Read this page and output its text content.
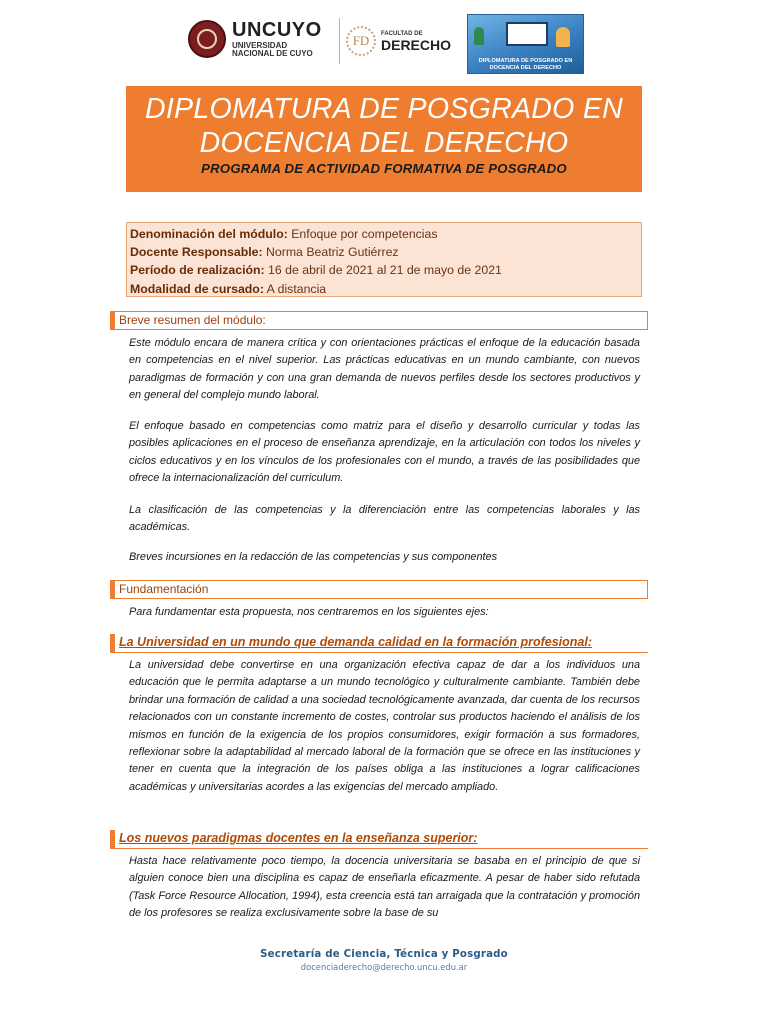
UNCUYO
UNIVERSIDAD
NACIONAL DE CUYO
FD	FACULTAD DE
DERECHO
DIPLOMATURA DE POSGRADO EN
DOCENCIA DEL DERECHO
DIPLOMATURA DE POSGRADO EN
DOCENCIA DEL DERECHO
PROGRAMA DE ACTIVIDAD FORMATIVA DE POSGRADO
Denominación del módulo: Enfoque por competencias
Docente Responsable: Norma Beatriz Gutiérrez
Período de realización: 16 de abril de 2021 al 21 de mayo de 2021
Modalidad de cursado: A distancia
Breve resumen del módulo:

Este módulo encara de manera crítica y con orientaciones prácticas el enfoque de la educación basada en competencias en el nivel superior. Las prácticas educativas en un mundo cambiante, con nuevos paradigmas de formación y con una gran demanda de nuevos perfiles desde los sectores productivos y en general del complejo mundo laboral.

El enfoque basado en competencias como matriz para el diseño y desarrollo curricular y todas las posibles aplicaciones en el proceso de enseñanza aprendizaje, en la articulación con todos los niveles y ciclos educativos y en los vínculos de los profesionales con el mundo, a través de las posibilidades que ofrece la internacionalización del curriculum.

La clasificación de las competencias y la diferenciación entre las competencias laborales y las académicas.

Breves incursiones en la redacción de las competencias y sus componentes

Fundamentación

Para fundamentar esta propuesta, nos centraremos en los siguientes ejes:

La Universidad en un mundo que demanda calidad en la formación profesional:

La universidad debe convertirse en una organización efectiva capaz de dar a los individuos una educación que le permita adaptarse a un mundo tecnológico y culturalmente cambiante. También debe brindar una formación de calidad a una sociedad tecnológicamente avanzada, dar cuenta de los recursos relacionados con un constante incremento de costes, controlar sus productos haciendo el análisis de los mismos en función de la exigencia de los propios consumidores, exigir formación a sus formadores, reflexionar sobre la adaptabilidad al mercado laboral de la formación que se ofrece en las instituciones y tener en cuenta que la integración de los países obliga a las instituciones a lograr calificaciones académicas y universitarias acordes a las exigencias del mercado ampliado.

Los nuevos paradigmas docentes en la enseñanza superior:

Hasta hace relativamente poco tiempo, la docencia universitaria se basaba en el principio de que si alguien conoce bien una disciplina es capaz de enseñarla eficazmente. A pesar de haber sido refutada (Task Force Resource Allocation, 1994), esta creencia está tan arraigada que la contratación y promoción de los profesores se realiza exclusivamente sobre la base de su

Secretaría de Ciencia, Técnica y Posgrado
docenciaderecho@derecho.uncu.edu.ar
